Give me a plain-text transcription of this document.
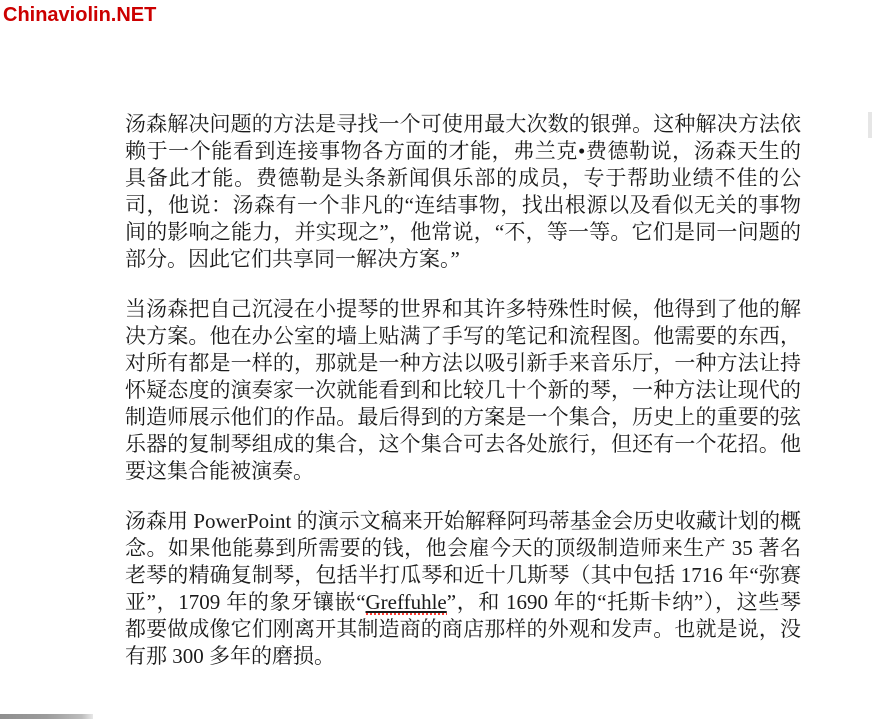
Chinaviolin.NET

汤森解决问题的方法是寻找一个可使用最大次数的银弹。这种解决方法依赖于一个能看到连接事物各方面的才能，弗兰克•费德勒说，汤森天生的具备此才能。费德勒是头条新闻俱乐部的成员，专于帮助业绩不佳的公司，他说：汤森有一个非凡的“连结事物，找出根源以及看似无关的事物间的影响之能力，并实现之”，他常说，“不，等一等。它们是同一问题的部分。因此它们共享同一解决方案。”

当汤森把自己沉浸在小提琴的世界和其许多特殊性时候，他得到了他的解决方案。他在办公室的墙上贴满了手写的笔记和流程图。他需要的东西，对所有都是一样的，那就是一种方法以吸引新手来音乐厅，一种方法让持怀疑态度的演奏家一次就能看到和比较几十个新的琴，一种方法让现代的制造师展示他们的作品。最后得到的方案是一个集合，历史上的重要的弦乐器的复制琴组成的集合，这个集合可去各处旅行，但还有一个花招。他要这集合能被演奏。

汤森用 PowerPoint 的演示文稿来开始解释阿玛蒂基金会历史收藏计划的概念。如果他能募到所需要的钱，他会雇今天的顶级制造师来生产 35 著名老琴的精确复制琴，包括半打瓜琴和近十几斯琴（其中包括 1716 年“弥赛亚”，1709 年的象牙镶嵌“Greffuhle”，和 1690 年的“托斯卡纳”），这些琴都要做成像它们刚离开其制造商的商店那样的外观和发声。也就是说，没有那 300 多年的磨损。
